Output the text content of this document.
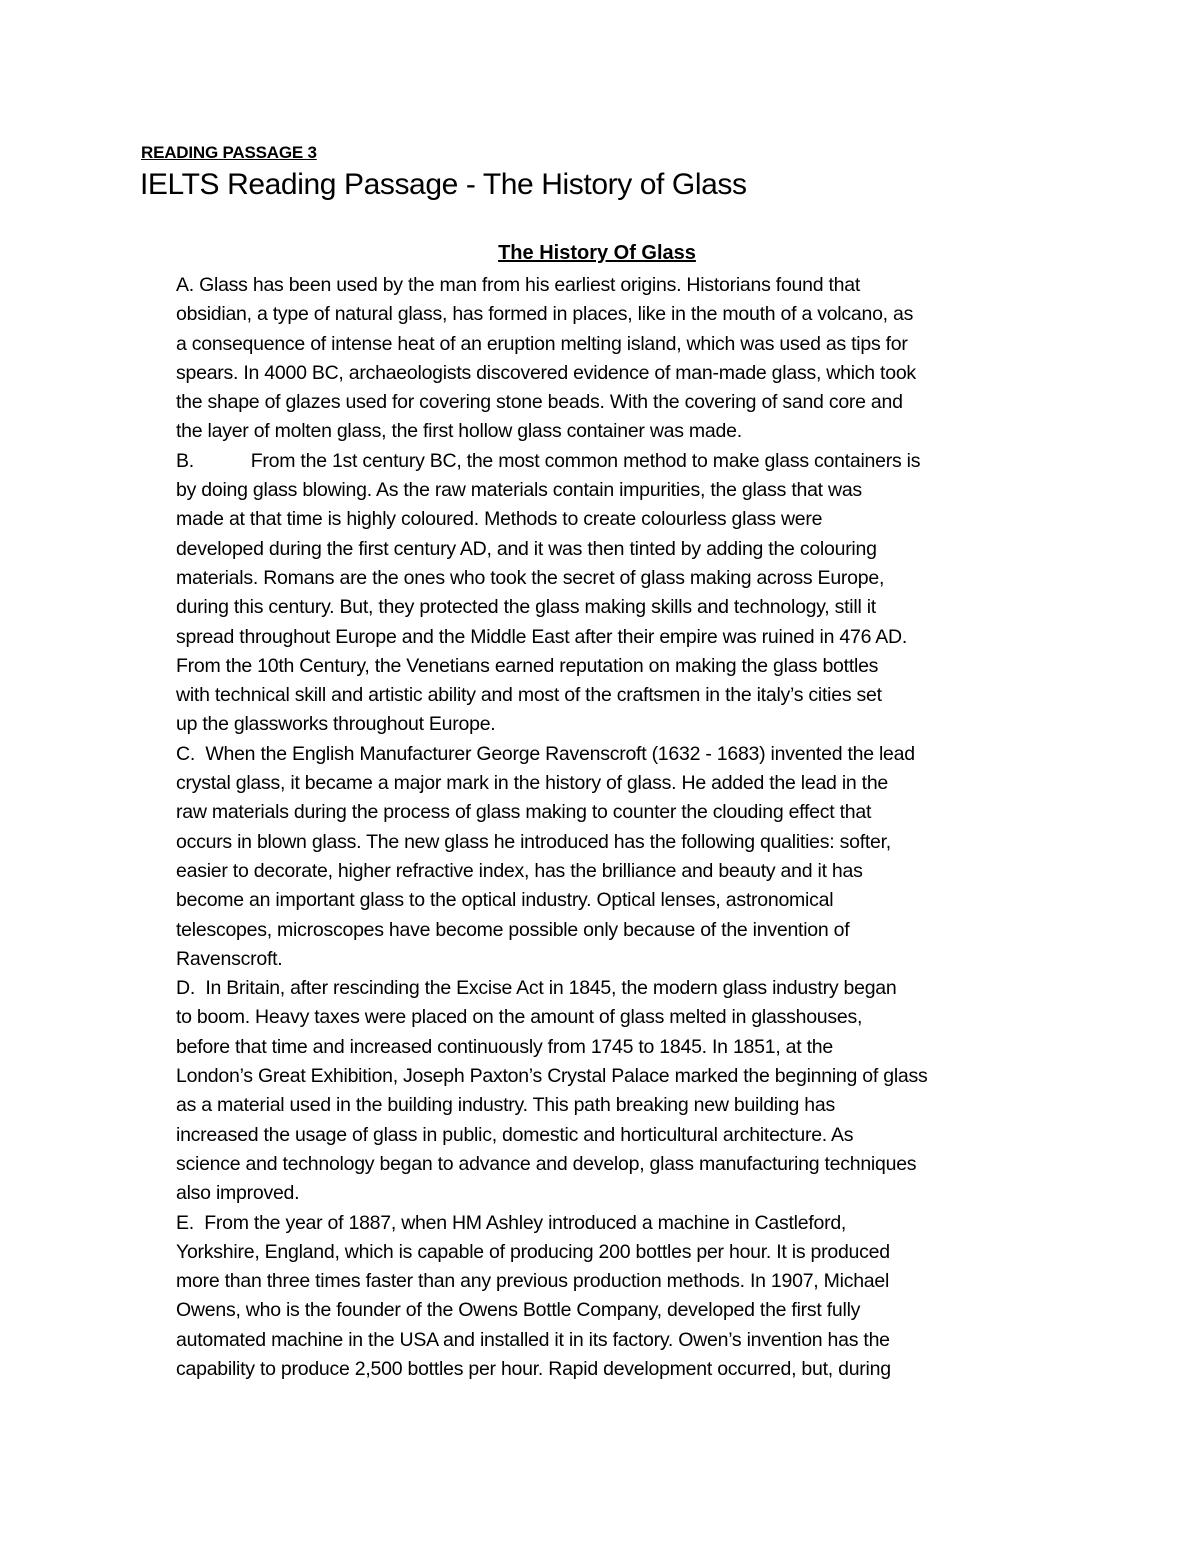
READING PASSAGE 3
IELTS Reading Passage - The History of Glass
The History Of Glass
A. Glass has been used by the man from his earliest origins. Historians found that
obsidian, a type of natural glass, has formed in places, like in the mouth of a volcano, as
a consequence of intense heat of an eruption melting island, which was used as tips for
spears. In 4000 BC, archaeologists discovered evidence of man-made glass, which took
the shape of glazes used for covering stone beads. With the covering of sand core and
the layer of molten glass, the first hollow glass container was made.
B.           From the 1st century BC, the most common method to make glass containers is
by doing glass blowing. As the raw materials contain impurities, the glass that was
made at that time is highly coloured. Methods to create colourless glass were
developed during the first century AD, and it was then tinted by adding the colouring
materials. Romans are the ones who took the secret of glass making across Europe,
during this century. But, they protected the glass making skills and technology, still it
spread throughout Europe and the Middle East after their empire was ruined in 476 AD.
From the 10th Century, the Venetians earned reputation on making the glass bottles
with technical skill and artistic ability and most of the craftsmen in the italy’s cities set
up the glassworks throughout Europe.
C.  When the English Manufacturer George Ravenscroft (1632 - 1683) invented the lead
crystal glass, it became a major mark in the history of glass. He added the lead in the
raw materials during the process of glass making to counter the clouding effect that
occurs in blown glass. The new glass he introduced has the following qualities: softer,
easier to decorate, higher refractive index, has the brilliance and beauty and it has
become an important glass to the optical industry. Optical lenses, astronomical
telescopes, microscopes have become possible only because of the invention of
Ravenscroft.
D.  In Britain, after rescinding the Excise Act in 1845, the modern glass industry began
to boom. Heavy taxes were placed on the amount of glass melted in glasshouses,
before that time and increased continuously from 1745 to 1845. In 1851, at the
London’s Great Exhibition, Joseph Paxton’s Crystal Palace marked the beginning of glass
as a material used in the building industry. This path breaking new building has
increased the usage of glass in public, domestic and horticultural architecture. As
science and technology began to advance and develop, glass manufacturing techniques
also improved.
E.  From the year of 1887, when HM Ashley introduced a machine in Castleford,
Yorkshire, England, which is capable of producing 200 bottles per hour. It is produced
more than three times faster than any previous production methods. In 1907, Michael
Owens, who is the founder of the Owens Bottle Company, developed the first fully
automated machine in the USA and installed it in its factory. Owen’s invention has the
capability to produce 2,500 bottles per hour. Rapid development occurred, but, during
